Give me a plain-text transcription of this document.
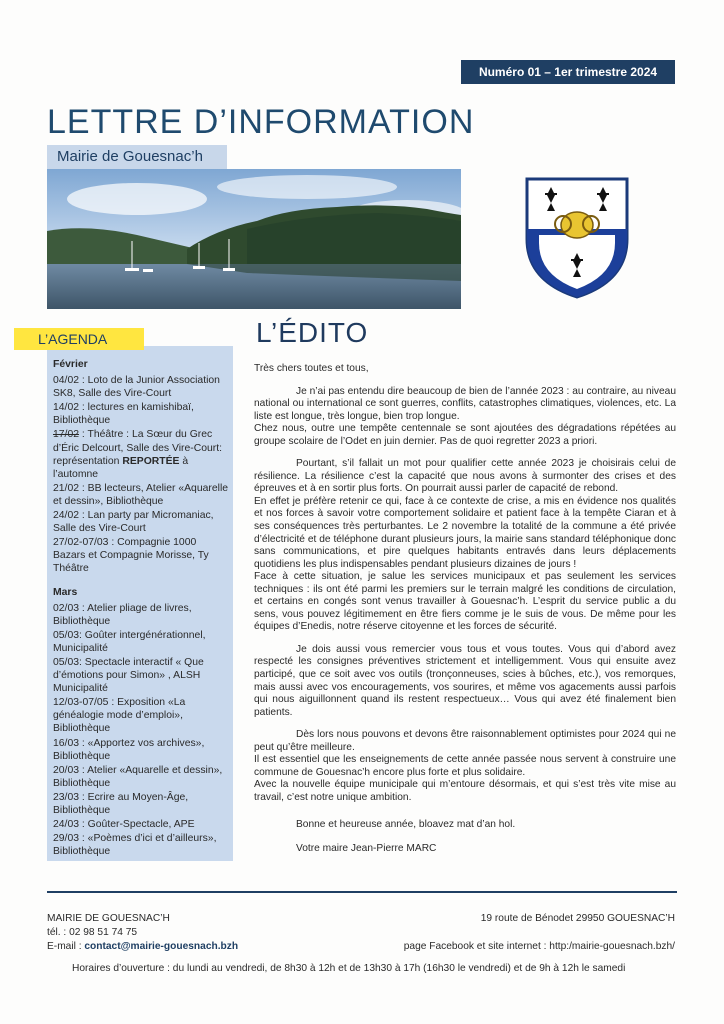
Numéro 01 – 1er trimestre 2024
LETTRE D’INFORMATION
Mairie de Gouesnac’h

Février

04/02 : Loto de la Junior Association SK8, Salle des Vire-Court

14/02 : lectures en kamishibaï, Bibliothèque

17/02 : Théâtre : La Sœur du Grec d’Éric Delcourt, Salle des Vire-Court: représentation REPORTÉE à l’automne

21/02 : BB lecteurs, Atelier «Aquarelle et dessin», Bibliothèque

24/02 : Lan party par Micromaniac, Salle des Vire-Court

27/02-07/03 : Compagnie 1000 Bazars et Compagnie Morisse, Ty Théâtre

Mars

02/03 : Atelier pliage de livres, Bibliothèque

05/03: Goûter intergénérationnel, Municipalité

05/03: Spectacle interactif « Que d’émotions pour Simon» , ALSH Municipalité

12/03-07/05 : Exposition «La généalogie mode d’emploi», Bibliothèque

16/03 : «Apportez vos archives», Bibliothèque

20/03 : Atelier «Aquarelle et dessin», Bibliothèque

23/03 : Ecrire au Moyen-Âge, Bibliothèque

24/03 : Goûter-Spectacle, APE

29/03 : «Poèmes d’ici et d’ailleurs», Bibliothèque

L’AGENDA	L’ÉDITO

Très chers toutes et tous,

Je n’ai pas entendu dire beaucoup de bien de l’année 2023 : au contraire, au niveau national ou international ce sont guerres, conflits, catastrophes climatiques, violences, etc. La liste est longue, très longue, bien trop longue.

Chez nous, outre une tempête centennale se sont ajoutées des dégradations répétées au groupe scolaire de l’Odet en juin dernier. Pas de quoi regretter 2023 a priori.

Pourtant, s’il fallait un mot pour qualifier cette année 2023 je choisirais celui de résilience. La résilience c’est la capacité que nous avons à surmonter des crises et des épreuves et à en sortir plus forts. On pourrait aussi parler de capacité de rebond.

En effet je préfère retenir ce qui, face à ce contexte de crise, a mis en évidence nos qualités et nos forces à savoir votre comportement solidaire et patient face à la tempête Ciaran et à ses conséquences très perturbantes. Le 2 novembre la totalité de la commune a été privée d’électricité et de téléphone durant plusieurs jours, la mairie sans standard téléphonique donc sans communications, et pire quelques habitants entravés dans leurs déplacements quotidiens les plus indispensables pendant plusieurs dizaines de jours !

Face à cette situation, je salue les services municipaux et pas seulement les services techniques : ils ont été parmi les premiers sur le terrain malgré les conditions de circulation, et certains en congés sont venus travailler à Gouesnac’h. L’esprit du service public a du sens, vous pouvez légitimement en être fiers comme je le suis de vous. De même pour les équipes d’Enedis, notre réserve citoyenne et les forces de sécurité.

Je dois aussi vous remercier vous tous et vous toutes. Vous qui d’abord avez respecté les consignes préventives strictement et intelligemment. Vous qui ensuite avez participé, que ce soit avec vos outils (tronçonneuses, scies à bûches, etc.), vos remorques, mais aussi avec vos encouragements, vos sourires, et même vos agacements aussi parfois qui nous aiguillonnent quand ils restent respectueux… Vous qui avez été finalement bien patients.

Dès lors nous pouvons et devons être raisonnablement optimistes pour 2024 qui ne peut qu’être meilleure.

Il est essentiel que les enseignements de cette année passée nous servent à construire une commune de Gouesnac’h encore plus forte et plus solidaire.

Avec la nouvelle équipe municipale qui m’entoure désormais, et qui s’est très vite mise au travail, c’est notre unique ambition.

Bonne et heureuse année, bloavez mat d’an hol.

Votre maire Jean-Pierre MARC

MAIRIE DE GOUESNAC’H
tél. : 02 98 51 74 75
E-mail : contact@mairie-gouesnach.bzh
19 route de Bénodet 29950 GOUESNAC’H
page Facebook et site internet : http:/mairie-gouesnach.bzh/
Horaires d’ouverture : du lundi au vendredi, de 8h30 à 12h et de 13h30 à 17h (16h30 le vendredi) et de 9h à 12h le samedi
